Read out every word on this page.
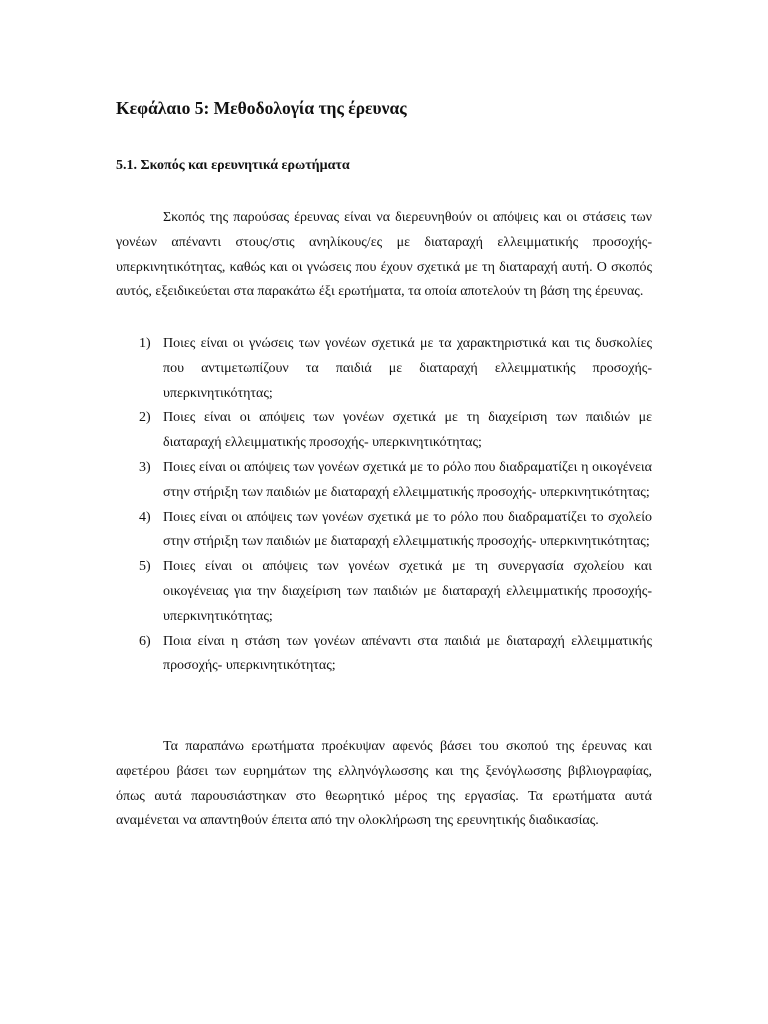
Κεφάλαιο 5: Μεθοδολογία της έρευνας
5.1. Σκοπός και ερευνητικά ερωτήματα

Σκοπός της παρούσας έρευνας είναι να διερευνηθούν οι απόψεις και οι στάσεις των γονέων απέναντι στους/στις ανηλίκους/ες με διαταραχή ελλειμματικής προσοχής- υπερκινητικότητας, καθώς και οι γνώσεις που έχουν σχετικά με τη διαταραχή αυτή. Ο σκοπός αυτός, εξειδικεύεται στα παρακάτω έξι ερωτήματα, τα οποία αποτελούν τη βάση της έρευνας.

1) Ποιες είναι οι γνώσεις των γονέων σχετικά με τα χαρακτηριστικά και τις δυσκολίες που αντιμετωπίζουν τα παιδιά με διαταραχή ελλειμματικής προσοχής- υπερκινητικότητας;
2) Ποιες είναι οι απόψεις των γονέων σχετικά με τη διαχείριση των παιδιών με διαταραχή ελλειμματικής προσοχής- υπερκινητικότητας;
3) Ποιες είναι οι απόψεις των γονέων σχετικά με το ρόλο που διαδραματίζει η οικογένεια στην στήριξη των παιδιών με διαταραχή ελλειμματικής προσοχής- υπερκινητικότητας;
4) Ποιες είναι οι απόψεις των γονέων σχετικά με το ρόλο που διαδραματίζει το σχολείο στην στήριξη των παιδιών με διαταραχή ελλειμματικής προσοχής- υπερκινητικότητας;
5) Ποιες είναι οι απόψεις των γονέων σχετικά με τη συνεργασία σχολείου και οικογένειας για την διαχείριση των παιδιών με διαταραχή ελλειμματικής προσοχής- υπερκινητικότητας;
6) Ποια είναι η στάση των γονέων απέναντι στα παιδιά με διαταραχή ελλειμματικής προσοχής- υπερκινητικότητας;

Τα παραπάνω ερωτήματα προέκυψαν αφενός βάσει του σκοπού της έρευνας και αφετέρου βάσει των ευρημάτων της ελληνόγλωσσης και της ξενόγλωσσης βιβλιογραφίας, όπως αυτά παρουσιάστηκαν στο θεωρητικό μέρος της εργασίας. Τα ερωτήματα αυτά αναμένεται να απαντηθούν έπειτα από την ολοκλήρωση της ερευνητικής διαδικασίας.
